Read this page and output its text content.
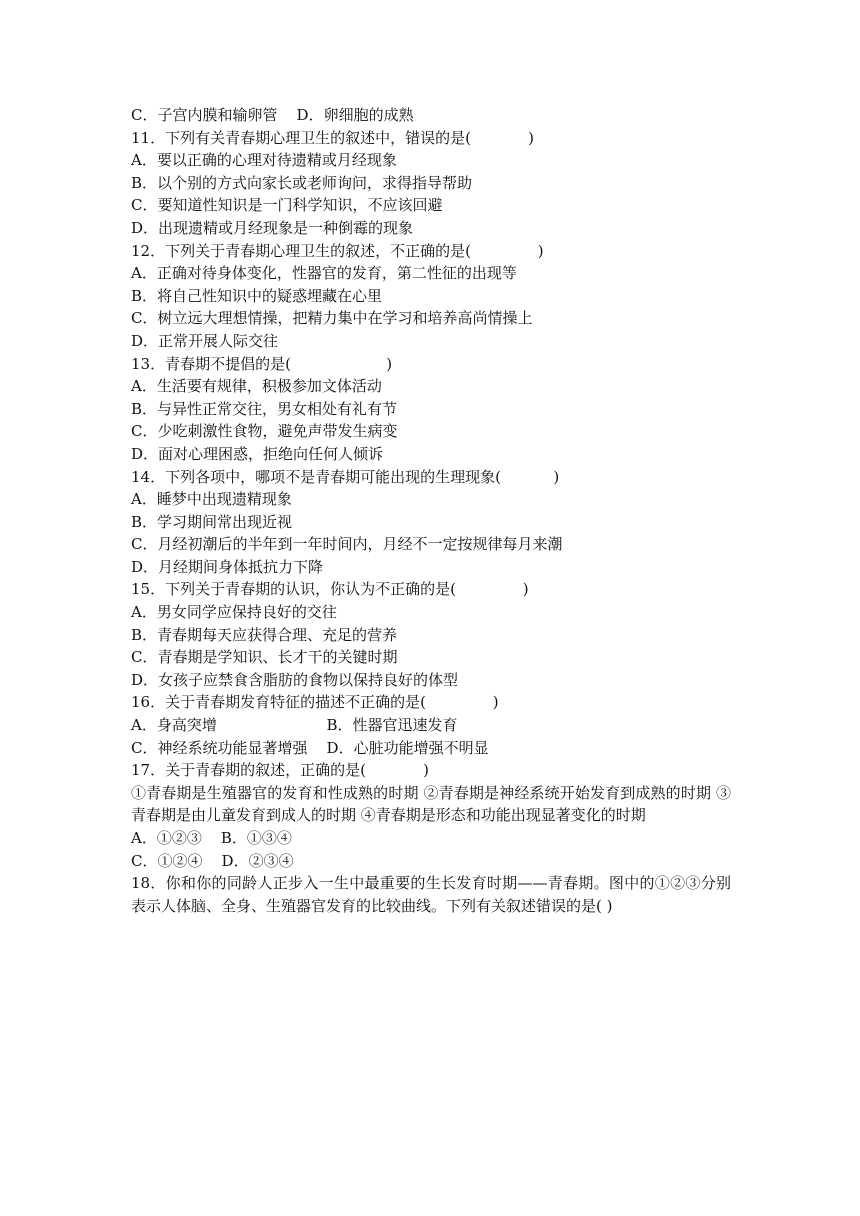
C．子宫内膜和输卵管    D．卵细胞的成熟
11．下列有关青春期心理卫生的叙述中，错误的是(            )
A．要以正确的心理对待遗精或月经现象
B．以个别的方式向家长或老师询问，求得指导帮助
C．要知道性知识是一门科学知识，不应该回避
D．出现遗精或月经现象是一种倒霉的现象
12．下列关于青春期心理卫生的叙述，不正确的是(              )
A．正确对待身体变化，性器官的发育，第二性征的出现等
B．将自己性知识中的疑惑埋藏在心里
C．树立远大理想情操，把精力集中在学习和培养高尚情操上
D．正常开展人际交往
13．青春期不提倡的是(                    )
A．生活要有规律，积极参加文体活动
B．与异性正常交往，男女相处有礼有节
C．少吃刺激性食物，避免声带发生病变
D．面对心理困惑，拒绝向任何人倾诉
14．下列各项中，哪项不是青春期可能出现的生理现象(           )
A．睡梦中出现遗精现象
B．学习期间常出现近视
C．月经初潮后的半年到一年时间内，月经不一定按规律每月来潮
D．月经期间身体抵抗力下降
15．下列关于青春期的认识，你认为不正确的是(              )
A．男女同学应保持良好的交往
B．青春期每天应获得合理、充足的营养
C．青春期是学知识、长才干的关键时期
D．女孩子应禁食含脂肪的食物以保持良好的体型
16．关于青春期发育特征的描述不正确的是(              )
A．身高突增                       B．性器官迅速发育
C．神经系统功能显著增强    D．心脏功能增强不明显
17．关于青春期的叙述，正确的是(            )
①青春期是生殖器官的发育和性成熟的时期 ②青春期是神经系统开始发育到成熟的时期 ③青春期是由儿童发育到成人的时期 ④青春期是形态和功能出现显著变化的时期
A．①②③    B．①③④
C．①②④    D．②③④
18．你和你的同龄人正步入一生中最重要的生长发育时期——青春期。图中的①②③分别表示人体脑、全身、生殖器官发育的比较曲线。下列有关叙述错误的是( )
